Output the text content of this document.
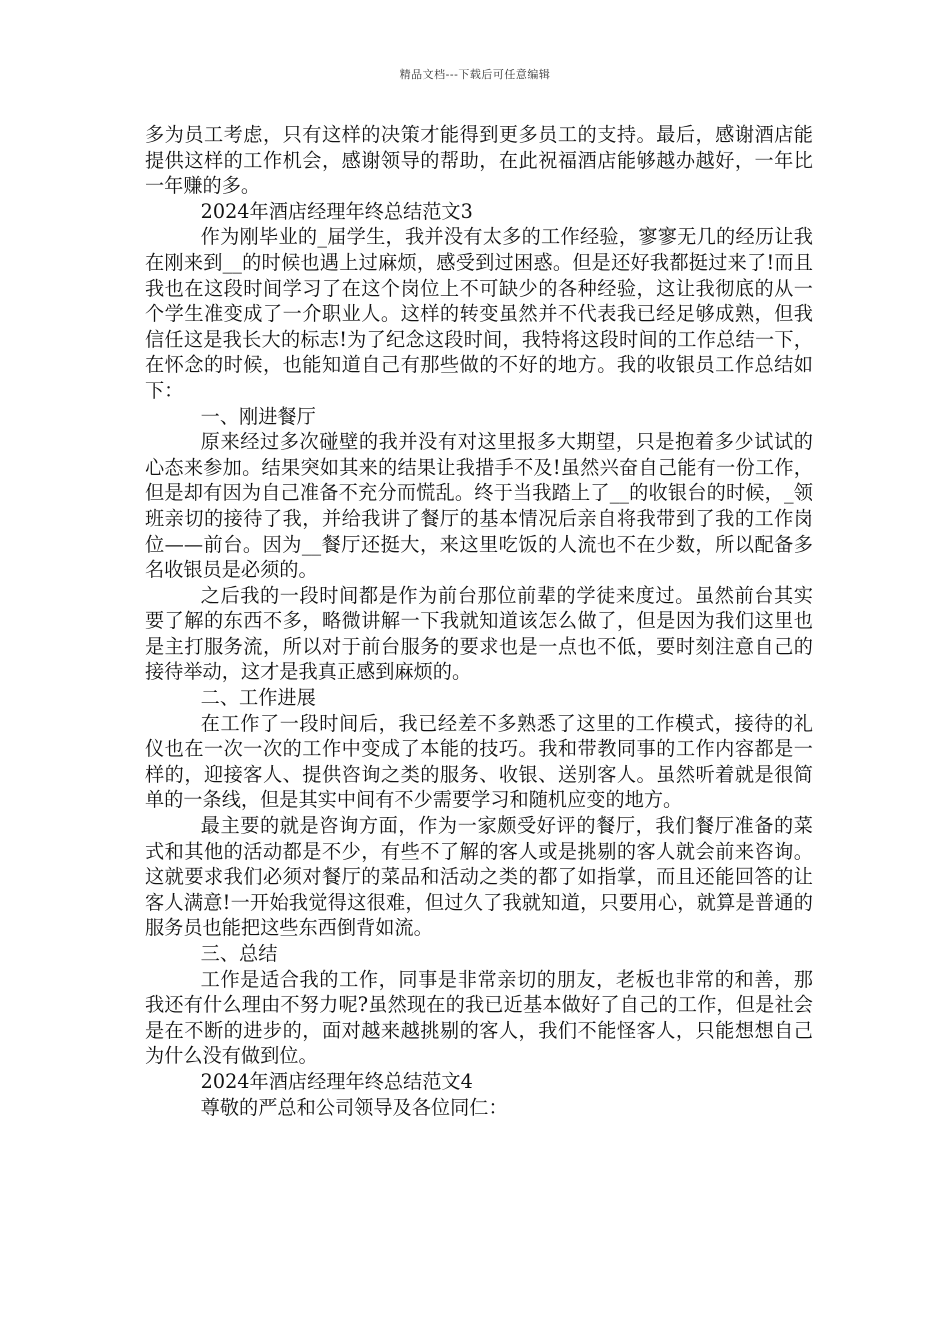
精品文档---下载后可任意编辑

多为员工考虑，只有这样的决策才能得到更多员工的支持。最后，感谢酒店能提供这样的工作机会，感谢领导的帮助，在此祝福酒店能够越办越好，一年比一年赚的多。

2024年酒店经理年终总结范文3

作为刚毕业的_届学生，我并没有太多的工作经验，寥寥无几的经历让我在刚来到__的时候也遇上过麻烦，感受到过困惑。但是还好我都挺过来了!而且我也在这段时间学习了在这个岗位上不可缺少的各种经验，这让我彻底的从一个学生准变成了一介职业人。这样的转变虽然并不代表我已经足够成熟，但我信任这是我长大的标志!为了纪念这段时间，我特将这段时间的工作总结一下，在怀念的时候，也能知道自己有那些做的不好的地方。我的收银员工作总结如下：

一、刚进餐厅

原来经过多次碰壁的我并没有对这里报多大期望，只是抱着多少试试的心态来参加。结果突如其来的结果让我措手不及!虽然兴奋自己能有一份工作，但是却有因为自己准备不充分而慌乱。终于当我踏上了__的收银台的时候，_领班亲切的接待了我，并给我讲了餐厅的基本情况后亲自将我带到了我的工作岗位——前台。因为__餐厅还挺大，来这里吃饭的人流也不在少数，所以配备多名收银员是必须的。

之后我的一段时间都是作为前台那位前辈的学徒来度过。虽然前台其实要了解的东西不多，略微讲解一下我就知道该怎么做了，但是因为我们这里也是主打服务流，所以对于前台服务的要求也是一点也不低，要时刻注意自己的接待举动，这才是我真正感到麻烦的。

二、工作进展

在工作了一段时间后，我已经差不多熟悉了这里的工作模式，接待的礼仪也在一次一次的工作中变成了本能的技巧。我和带教同事的工作内容都是一样的，迎接客人、提供咨询之类的服务、收银、送别客人。虽然听着就是很简单的一条线，但是其实中间有不少需要学习和随机应变的地方。

最主要的就是咨询方面，作为一家颇受好评的餐厅，我们餐厅准备的菜式和其他的活动都是不少，有些不了解的客人或是挑剔的客人就会前来咨询。这就要求我们必须对餐厅的菜品和活动之类的都了如指掌，而且还能回答的让客人满意!一开始我觉得这很难，但过久了我就知道，只要用心，就算是普通的服务员也能把这些东西倒背如流。

三、总结

工作是适合我的工作，同事是非常亲切的朋友，老板也非常的和善，那我还有什么理由不努力呢?虽然现在的我已近基本做好了自己的工作，但是社会是在不断的进步的，面对越来越挑剔的客人，我们不能怪客人，只能想想自己为什么没有做到位。

2024年酒店经理年终总结范文4

尊敬的严总和公司领导及各位同仁：
